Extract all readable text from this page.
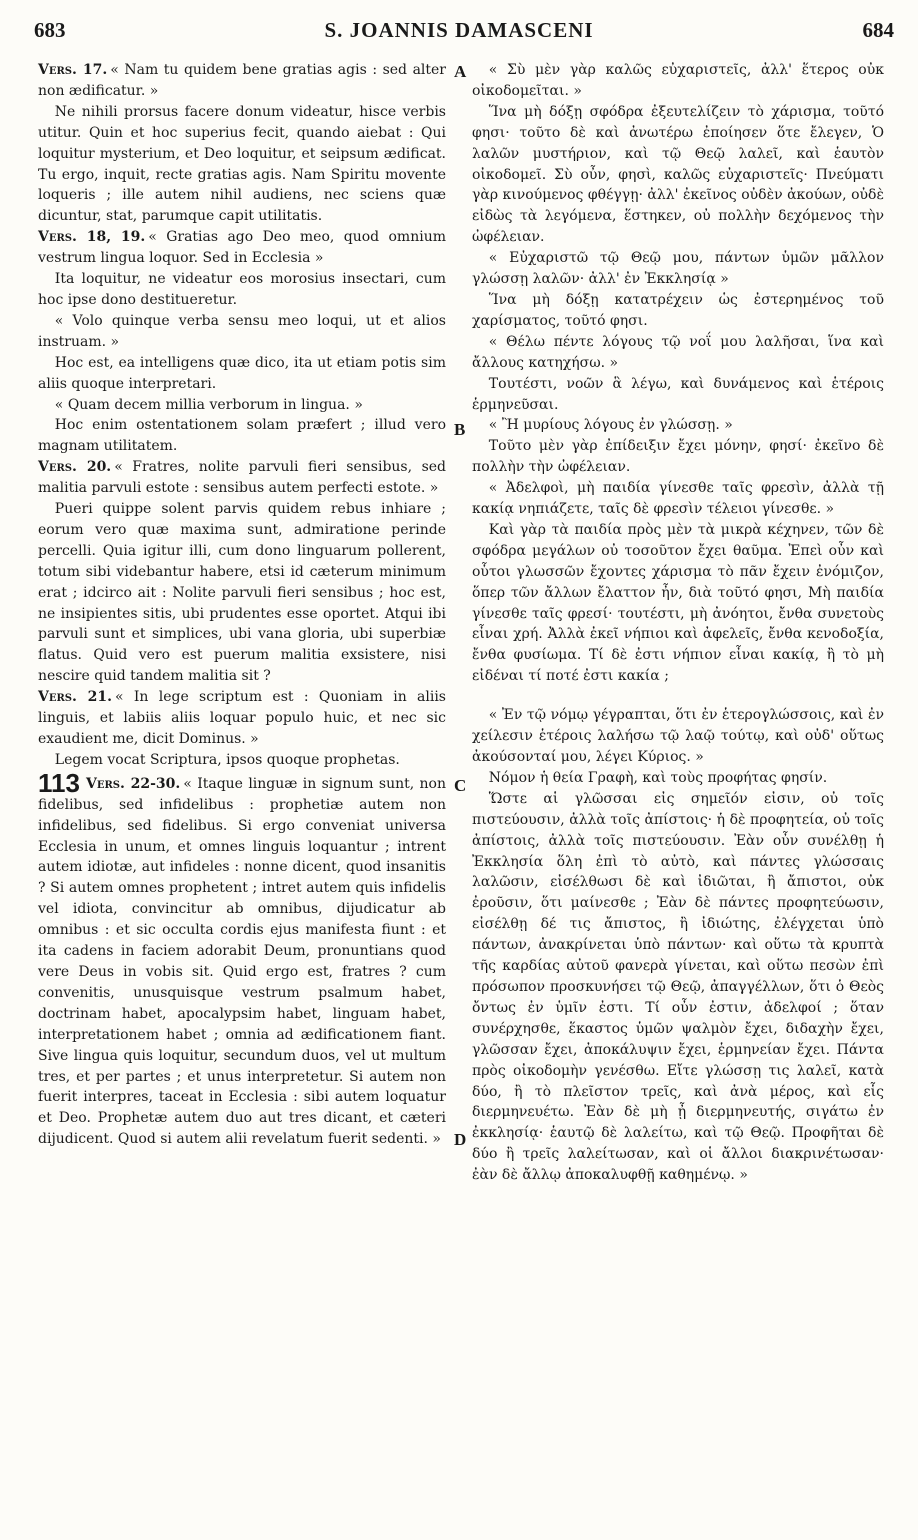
683	S. JOANNIS DAMASCENI	684
A
B
C
D

Vers. 17. « Nam tu quidem bene gratias agis : sed alter non ædificatur. »

Ne nihili prorsus facere donum videatur, hisce verbis utitur. Quin et hoc superius fecit, quando aiebat : Qui loquitur mysterium, et Deo loquitur, et seipsum ædificat. Tu ergo, inquit, recte gratias agis. Nam Spiritu movente loqueris ; ille autem nihil audiens, nec sciens quæ dicuntur, stat, parumque capit utilitatis.

Vers. 18, 19. « Gratias ago Deo meo, quod omnium vestrum lingua loquor. Sed in Ecclesia »

Ita loquitur, ne videatur eos morosius insectari, cum hoc ipse dono destitueretur.

« Volo quinque verba sensu meo loqui, ut et alios instruam. »

Hoc est, ea intelligens quæ dico, ita ut etiam potis sim aliis quoque interpretari.

« Quam decem millia verborum in lingua. »

Hoc enim ostentationem solam præfert ; illud vero magnam utilitatem.

Vers. 20. « Fratres, nolite parvuli fieri sensibus, sed malitia parvuli estote : sensibus autem perfecti estote. »

Pueri quippe solent parvis quidem rebus inhiare ; eorum vero quæ maxima sunt, admiratione perinde percelli. Quia igitur illi, cum dono linguarum pollerent, totum sibi videbantur habere, etsi id cæterum minimum erat ; idcirco ait : Nolite parvuli fieri sensibus ; hoc est, ne insipientes sitis, ubi prudentes esse oportet. Atqui ibi parvuli sunt et simplices, ubi vana gloria, ubi superbiæ flatus. Quid vero est puerum malitia exsistere, nisi nescire quid tandem malitia sit ?

Vers. 21. « In lege scriptum est : Quoniam in aliis linguis, et labiis aliis loquar populo huic, et nec sic exaudient me, dicit Dominus. »

Legem vocat Scriptura, ipsos quoque prophetas.

113 Vers. 22-30. « Itaque linguæ in signum sunt, non fidelibus, sed infidelibus : prophetiæ autem non infidelibus, sed fidelibus. Si ergo conveniat universa Ecclesia in unum, et omnes linguis loquantur ; intrent autem idiotæ, aut infideles : nonne dicent, quod insanitis ? Si autem omnes prophetent ; intret autem quis infidelis vel idiota, convincitur ab omnibus, dijudicatur ab omnibus : et sic occulta cordis ejus manifesta fiunt : et ita cadens in faciem adorabit Deum, pronuntians quod vere Deus in vobis sit. Quid ergo est, fratres ? cum convenitis, unusquisque vestrum psalmum habet, doctrinam habet, apocalypsim habet, linguam habet, interpretationem habet ; omnia ad ædificationem fiant. Sive lingua quis loquitur, secundum duos, vel ut multum tres, et per partes ; et unus interpretetur. Si autem non fuerit interpres, taceat in Ecclesia : sibi autem loquatur et Deo. Prophetæ autem duo aut tres dicant, et cæteri dijudicent. Quod si autem alii revelatum fuerit sedenti. »

« Σὺ μὲν γὰρ καλῶς εὐχαριστεῖς, ἀλλ' ἕτερος οὐκ οἰκοδομεῖται. »

Ἵνα μὴ δόξῃ σφόδρα ἐξευτελίζειν τὸ χάρισμα, τοῦτό φησι· τοῦτο δὲ καὶ ἀνωτέρω ἐποίησεν ὅτε ἔλεγεν, Ὁ λαλῶν μυστήριον, καὶ τῷ Θεῷ λαλεῖ, καὶ ἑαυτὸν οἰκοδομεῖ. Σὺ οὖν, φησὶ, καλῶς εὐχαριστεῖς· Πνεύματι γὰρ κινούμενος φθέγγῃ· ἀλλ' ἐκεῖνος οὐδὲν ἀκούων, οὐδὲ εἰδὼς τὰ λεγόμενα, ἕστηκεν, οὐ πολλὴν δεχόμενος τὴν ὠφέλειαν.

« Εὐχαριστῶ τῷ Θεῷ μου, πάντων ὑμῶν μᾶλλον γλώσσῃ λαλῶν· ἀλλ' ἐν Ἐκκλησίᾳ »

Ἵνα μὴ δόξῃ κατατρέχειν ὡς ἐστερημένος τοῦ χαρίσματος, τοῦτό φησι.

« Θέλω πέντε λόγους τῷ νοΐ μου λαλῆσαι, ἵνα καὶ ἄλλους κατηχήσω. »

Τουτέστι, νοῶν ἃ λέγω, καὶ δυνάμενος καὶ ἑτέροις ἑρμηνεῦσαι.

« Ἢ μυρίους λόγους ἐν γλώσσῃ. »

Τοῦτο μὲν γὰρ ἐπίδειξιν ἔχει μόνην, φησί· ἐκεῖνο δὲ πολλὴν τὴν ὠφέλειαν.

« Ἀδελφοὶ, μὴ παιδία γίνεσθε ταῖς φρεσὶν, ἀλλὰ τῇ κακίᾳ νηπιάζετε, ταῖς δὲ φρεσὶν τέλειοι γίνεσθε. »

Καὶ γὰρ τὰ παιδία πρὸς μὲν τὰ μικρὰ κέχηνεν, τῶν δὲ σφόδρα μεγάλων οὐ τοσοῦτον ἔχει θαῦμα. Ἐπεὶ οὖν καὶ οὗτοι γλωσσῶν ἔχοντες χάρισμα τὸ πᾶν ἔχειν ἐνόμιζον, ὅπερ τῶν ἄλλων ἔλαττον ἦν, διὰ τοῦτό φησι, Μὴ παιδία γίνεσθε ταῖς φρεσί· τουτέστι, μὴ ἀνόητοι, ἔνθα συνετοὺς εἶναι χρή. Ἀλλὰ ἐκεῖ νήπιοι καὶ ἀφελεῖς, ἔνθα κενοδοξία, ἔνθα φυσίωμα. Τί δὲ ἐστι νήπιον εἶναι κακίᾳ, ἢ τὸ μὴ εἰδέναι τί ποτέ ἐστι κακία ;

« Ἐν τῷ νόμῳ γέγραπται, ὅτι ἐν ἑτερογλώσσοις, καὶ ἐν χείλεσιν ἑτέροις λαλήσω τῷ λαῷ τούτῳ, καὶ οὐδ' οὕτως ἀκούσονταί μου, λέγει Κύριος. »

Νόμον ἡ θεία Γραφὴ, καὶ τοὺς προφήτας φησίν.

Ὥστε αἱ γλῶσσαι εἰς σημεῖόν εἰσιν, οὐ τοῖς πιστεύουσιν, ἀλλὰ τοῖς ἀπίστοις· ἡ δὲ προφητεία, οὐ τοῖς ἀπίστοις, ἀλλὰ τοῖς πιστεύουσιν. Ἐὰν οὖν συνέλθῃ ἡ Ἐκκλησία ὅλη ἐπὶ τὸ αὐτὸ, καὶ πάντες γλώσσαις λαλῶσιν, εἰσέλθωσι δὲ καὶ ἰδιῶται, ἢ ἄπιστοι, οὐκ ἐροῦσιν, ὅτι μαίνεσθε ; Ἐὰν δὲ πάντες προφητεύωσιν, εἰσέλθῃ δέ τις ἄπιστος, ἢ ἰδιώτης, ἐλέγχεται ὑπὸ πάντων, ἀνακρίνεται ὑπὸ πάντων· καὶ οὕτω τὰ κρυπτὰ τῆς καρδίας αὐτοῦ φανερὰ γίνεται, καὶ οὕτω πεσὼν ἐπὶ πρόσωπον προσκυνήσει τῷ Θεῷ, ἀπαγγέλλων, ὅτι ὁ Θεὸς ὄντως ἐν ὑμῖν ἐστι. Τί οὖν ἐστιν, ἀδελφοί ; ὅταν συνέρχησθε, ἕκαστος ὑμῶν ψαλμὸν ἔχει, διδαχὴν ἔχει, γλῶσσαν ἔχει, ἀποκάλυψιν ἔχει, ἑρμηνείαν ἔχει. Πάντα πρὸς οἰκοδομὴν γενέσθω. Εἴτε γλώσσῃ τις λαλεῖ, κατὰ δύο, ἢ τὸ πλεῖστον τρεῖς, καὶ ἀνὰ μέρος, καὶ εἷς διερμηνευέτω. Ἐὰν δὲ μὴ ᾖ διερμηνευτής, σιγάτω ἐν ἐκκλησίᾳ· ἑαυτῷ δὲ λαλείτω, καὶ τῷ Θεῷ. Προφῆται δὲ δύο ἢ τρεῖς λαλείτωσαν, καὶ οἱ ἄλλοι διακρινέτωσαν· ἐὰν δὲ ἄλλῳ ἀποκαλυφθῇ καθημένῳ. »
